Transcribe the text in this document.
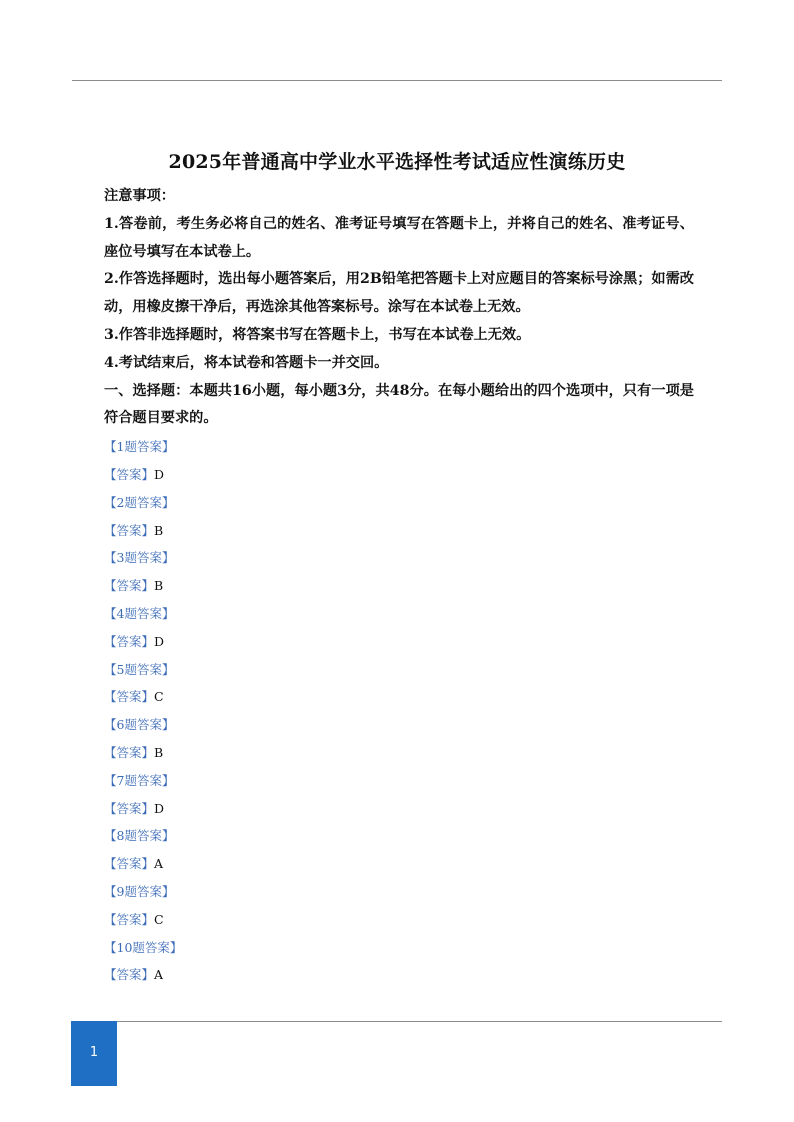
2025年普通高中学业水平选择性考试适应性演练历史
注意事项：
1.答卷前，考生务必将自己的姓名、准考证号填写在答题卡上，并将自己的姓名、准考证号、座位号填写在本试卷上。
2.作答选择题时，选出每小题答案后，用2B铅笔把答题卡上对应题目的答案标号涂黑；如需改动，用橡皮擦干净后，再选涂其他答案标号。涂写在本试卷上无效。
3.作答非选择题时，将答案书写在答题卡上，书写在本试卷上无效。
4.考试结束后，将本试卷和答题卡一并交回。
一、选择题：本题共16小题，每小题3分，共48分。在每小题给出的四个选项中，只有一项是符合题目要求的。
【1题答案】
【答案】D
【2题答案】
【答案】B
【3题答案】
【答案】B
【4题答案】
【答案】D
【5题答案】
【答案】C
【6题答案】
【答案】B
【7题答案】
【答案】D
【8题答案】
【答案】A
【9题答案】
【答案】C
【10题答案】
【答案】A
1
